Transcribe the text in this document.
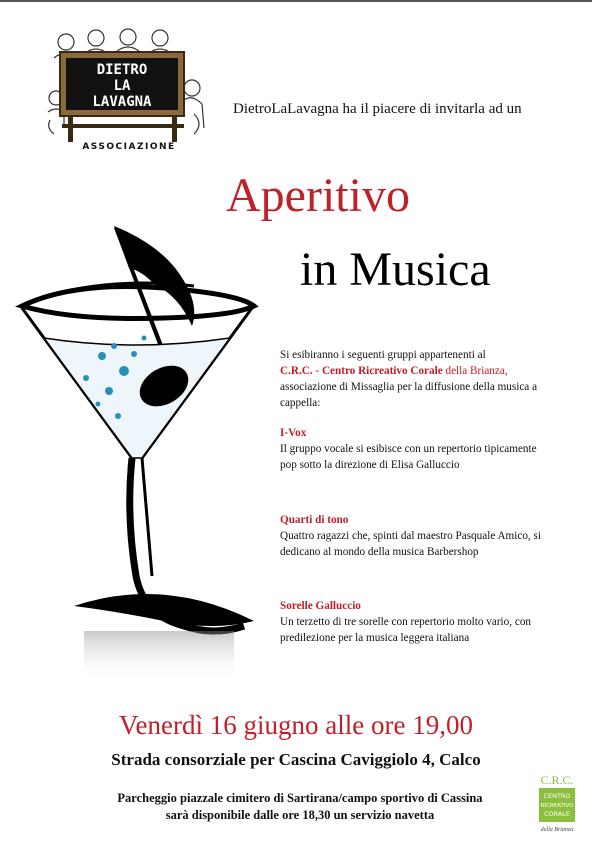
DIETRO
LA
LAVAGNA
ASSOCIAZIONE
DietroLaLavagna ha il piacere di invitarla ad un
Aperitivo
in Musica
Si esibiranno i seguenti gruppi appartenenti al
C.R.C. - Centro Ricreativo Corale della Brianza,
associazione di Missaglia per la diffusione della musica a cappella:
I-Vox
Il gruppo vocale si esibisce con un repertorio tipicamente pop sotto la direzione di Elisa Galluccio
Quarti di tono
Quattro ragazzi che, spinti dal maestro Pasquale Amico, si dedicano al mondo della musica Barbershop
Sorelle Galluccio
Un terzetto di tre sorelle con repertorio molto vario, con predilezione per la musica leggera italiana
Venerdì 16 giugno alle ore 19,00
Strada consorziale per Cascina Caviggiolo 4, Calco
Parcheggio piazzale cimitero di Sartirana/campo sportivo di Cassina
sarà disponibile dalle ore 18,30 un servizio navetta
C.R.C.
CENTRO
RICREATIVO
CORALE
della Brianza
